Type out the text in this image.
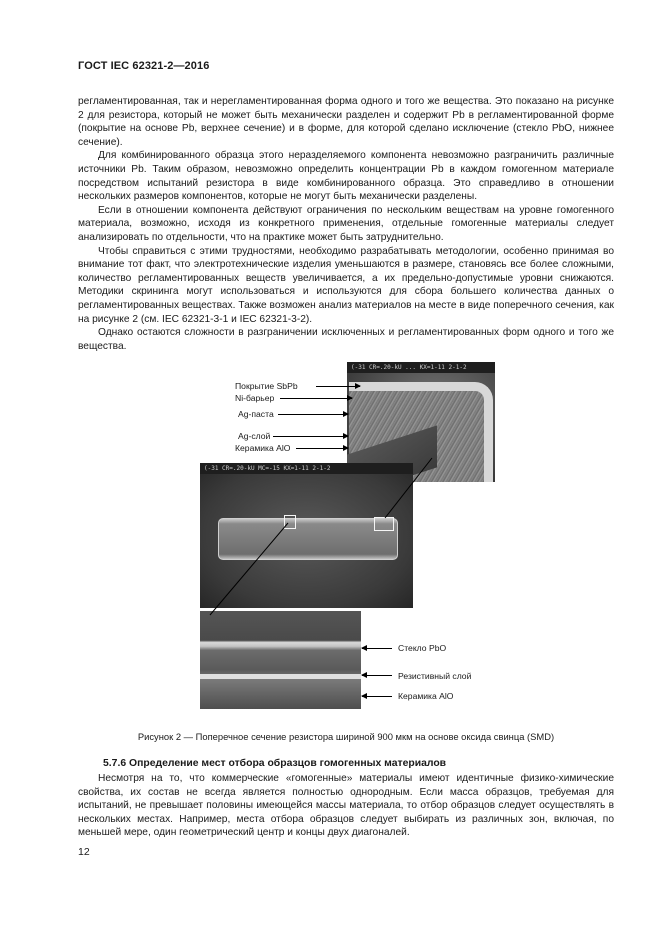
ГОСТ IEC 62321-2—2016

регламентированная, так и нерегламентированная форма одного и того же вещества. Это показано на рисунке 2 для резистора, который не может быть механически разделен и содержит Pb в регламентированной форме (покрытие на основе Pb, верхнее сечение) и в форме, для которой сделано исключение (стекло PbO, нижнее сечение).

Для комбинированного образца этого неразделяемого компонента невозможно разграничить различные источники Pb. Таким образом, невозможно определить концентрации Pb в каждом гомогенном материале посредством испытаний резистора в виде комбинированного образца. Это справедливо в отношении нескольких размеров компонентов, которые не могут быть механически разделены.

Если в отношении компонента действуют ограничения по нескольким веществам на уровне гомогенного материала, возможно, исходя из конкретного применения, отдельные гомогенные материалы следует анализировать по отдельности, что на практике может быть затруднительно.

Чтобы справиться с этими трудностями, необходимо разрабатывать методологии, особенно принимая во внимание тот факт, что электротехнические изделия уменьшаются в размере, становясь все более сложными, количество регламентированных веществ увеличивается, а их предельно-допустимые уровни снижаются. Методики скрининга могут использоваться и используются для сбора большего количества данных о регламентированных веществах. Также возможен анализ материалов на месте в виде поперечного сечения, как на рисунке 2 (см. IEC 62321-3-1 и IEC 62321-3-2).

Однако остаются сложности в разграничении исключенных и регламентированных форм одного и того же вещества.

(-31 CR=.20-kU ... KX=1-11 2-1-2
(-31 CR=.20-kU MC=-15 KX=1-11 2-1-2
Покрытие SbPb
Ni-барьер
Ag-паста
Ag-слой
Керамика AlO
Стекло PbO
Резистивный слой
Керамика AlO
Рисунок 2 — Поперечное сечение резистора шириной 900 мкм на основе оксида свинца (SMD)
5.7.6 Определение мест отбора образцов гомогенных материалов

Несмотря на то, что коммерческие «гомогенные» материалы имеют идентичные физико-химические свойства, их состав не всегда является полностью однородным. Если масса образцов, требуемая для испытаний, не превышает половины имеющейся массы материала, то отбор образцов следует осуществлять в нескольких местах. Например, места отбора образцов следует выбирать из различных зон, включая, по меньшей мере, один геометрический центр и концы двух диагоналей.

12
